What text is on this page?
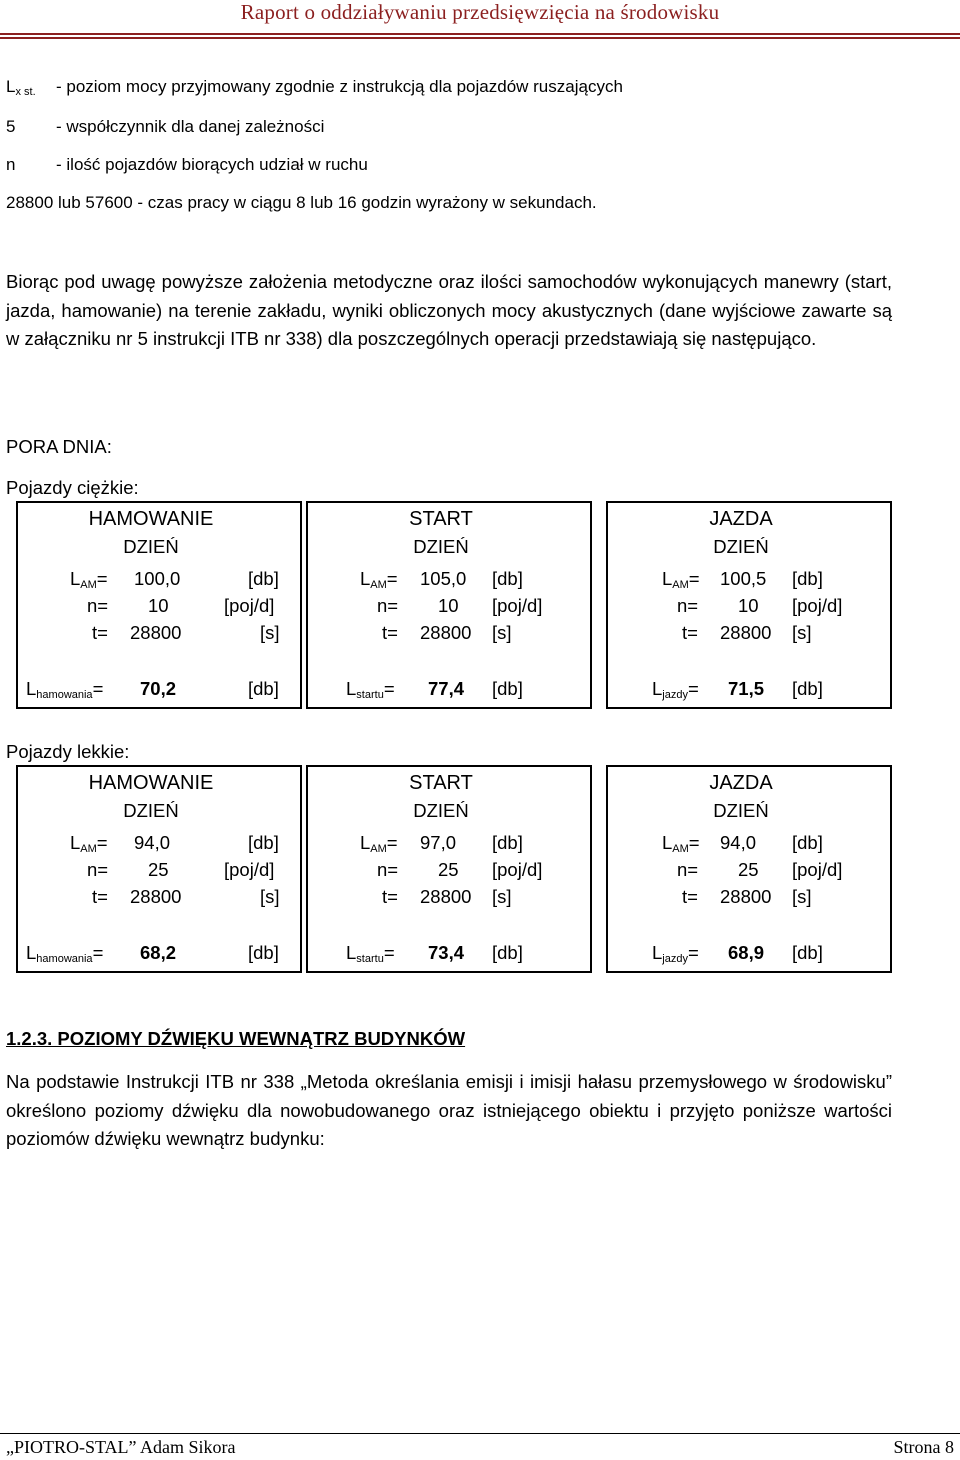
Raport o oddziaływaniu przedsięwzięcia na środowisku
$L_{x st.}$ - poziom mocy przyjmowany zgodnie z instrukcją dla pojazdów ruszających
5 - współczynnik dla danej zależności
n - ilość pojazdów biorących udział w ruchu
28800 lub 57600 - czas pracy w ciągu 8 lub 16 godzin wyrażony w sekundach.
Biorąc pod uwagę powyższe założenia metodyczne oraz ilości samochodów wykonujących manewry (start, jazda, hamowanie) na terenie zakładu, wyniki obliczonych mocy akustycznych (dane wyjściowe zawarte są w załączniku nr 5 instrukcji ITB nr 338) dla poszczególnych operacji przedstawiają się następująco.
PORA DNIA:
Pojazdy ciężkie:
Pojazdy lekkie:
HAMOWANIE
DZIEŃ
$L_{AM}= 100,0$	[db]
n= 10	[poj/d]
t= 28800	[s]
$L_{hamowania}= 70,2$	[db]
START
DZIEŃ
$L_{AM}= 105,0$ [db]
n= 10 [poj/d]
t= 28800 [s]
$L_{startu}= 77,4$ [db]
JAZDA
DZIEŃ
$L_{AM}= 100,5$ [db]
n= 10 [poj/d]
t= 28800 [s]
$L_{jazdy}= 71,5$ [db]
HAMOWANIE
DZIEŃ
$L_{AM}= 94,0$	[db]
n= 25	[poj/d]
t= 28800	[s]
$L_{hamowania}= 68,2$	[db]
START
DZIEŃ
$L_{AM}= 97,0$ [db]
n= 25 [poj/d]
t= 28800 [s]
$L_{startu}= 73,4$ [db]
JAZDA
DZIEŃ
$L_{AM}= 94,0$ [db]
n= 25 [poj/d]
t= 28800 [s]
$L_{jazdy}= 68,9$ [db]
1.2.3. POZIOMY DŹWIĘKU WEWNĄTRZ BUDYNKÓW
Na podstawie Instrukcji ITB nr 338 „Metoda określania emisji i imisji hałasu przemysłowego w środowisku” określono poziomy dźwięku dla nowobudowanego oraz istniejącego obiektu i przyjęto poniższe wartości poziomów dźwięku wewnątrz budynku:
„PIOTRO-STAL” Adam Sikora	Strona 8
